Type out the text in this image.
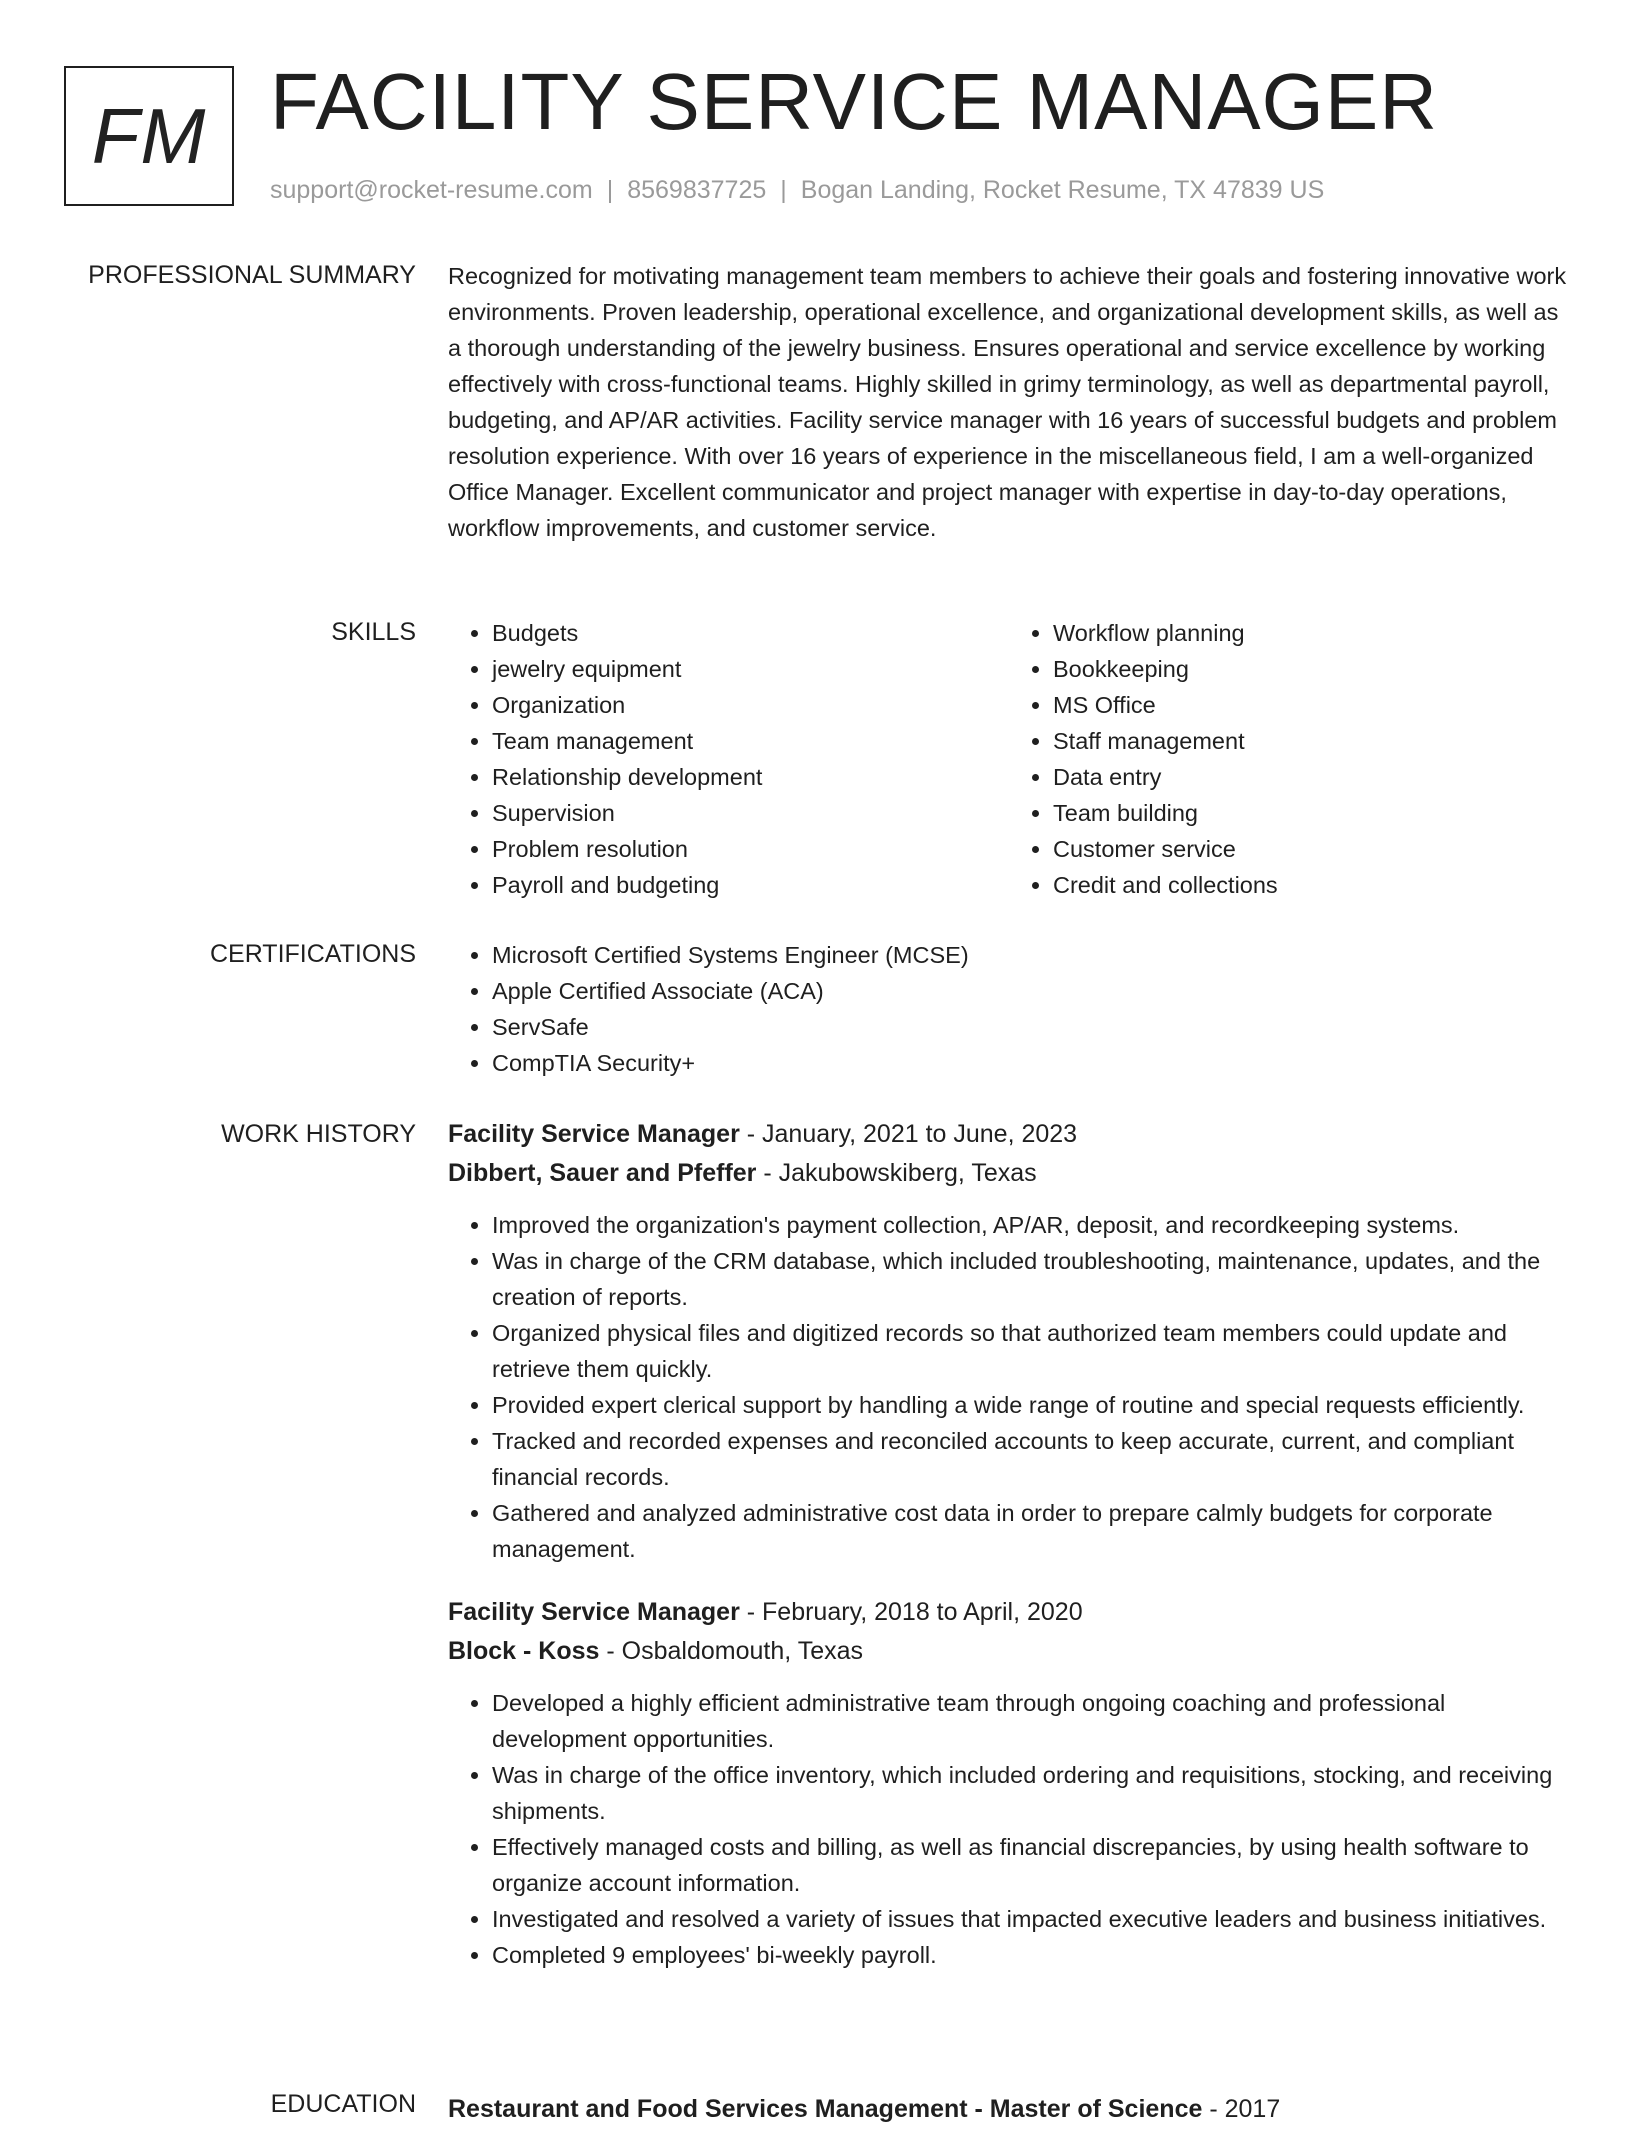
FM FACILITY SERVICE MANAGER
support@rocket-resume.com | 8569837725 | Bogan Landing, Rocket Resume, TX 47839 US
PROFESSIONAL SUMMARY Recognized for motivating management team members to achieve their goals and fostering innovative work environments. Proven leadership, operational excellence, and organizational development skills, as well as a thorough understanding of the jewelry business. Ensures operational and service excellence by working effectively with cross-functional teams. Highly skilled in grimy terminology, as well as departmental payroll, budgeting, and AP/AR activities. Facility service manager with 16 years of successful budgets and problem resolution experience. With over 16 years of experience in the miscellaneous field, I am a well-organized Office Manager. Excellent communicator and project manager with expertise in day-to-day operations, workflow improvements, and customer service.

SKILLS	• Budgets
• jewelry equipment
• Organization
• Team management
• Relationship development
• Supervision
• Problem resolution
• Payroll and budgeting
• Workflow planning
• Bookkeeping
• MS Office
• Staff management
• Data entry
• Team building
• Customer service
• Credit and collections
CERTIFICATIONS	• Microsoft Certified Systems Engineer (MCSE)
• Apple Certified Associate (ACA)
• ServSafe
• CompTIA Security+
WORK HISTORY Facility Service Manager - January, 2021 to June, 2023
Dibbert, Sauer and Pfeffer - Jakubowskiberg, Texas
• Improved the organization's payment collection, AP/AR, deposit, and recordkeeping systems.
• Was in charge of the CRM database, which included troubleshooting, maintenance, updates, and the creation of reports.
• Organized physical files and digitized records so that authorized team members could update and retrieve them quickly.
• Provided expert clerical support by handling a wide range of routine and special requests efficiently.
• Tracked and recorded expenses and reconciled accounts to keep accurate, current, and compliant financial records.
• Gathered and analyzed administrative cost data in order to prepare calmly budgets for corporate management.
Facility Service Manager - February, 2018 to April, 2020
Block - Koss - Osbaldomouth, Texas
• Developed a highly efficient administrative team through ongoing coaching and professional development opportunities.
• Was in charge of the office inventory, which included ordering and requisitions, stocking, and receiving shipments.
• Effectively managed costs and billing, as well as financial discrepancies, by using health software to organize account information.
• Investigated and resolved a variety of issues that impacted executive leaders and business initiatives.
• Completed 9 employees' bi-weekly payroll.
EDUCATION Restaurant and Food Services Management - Master of Science - 2017
